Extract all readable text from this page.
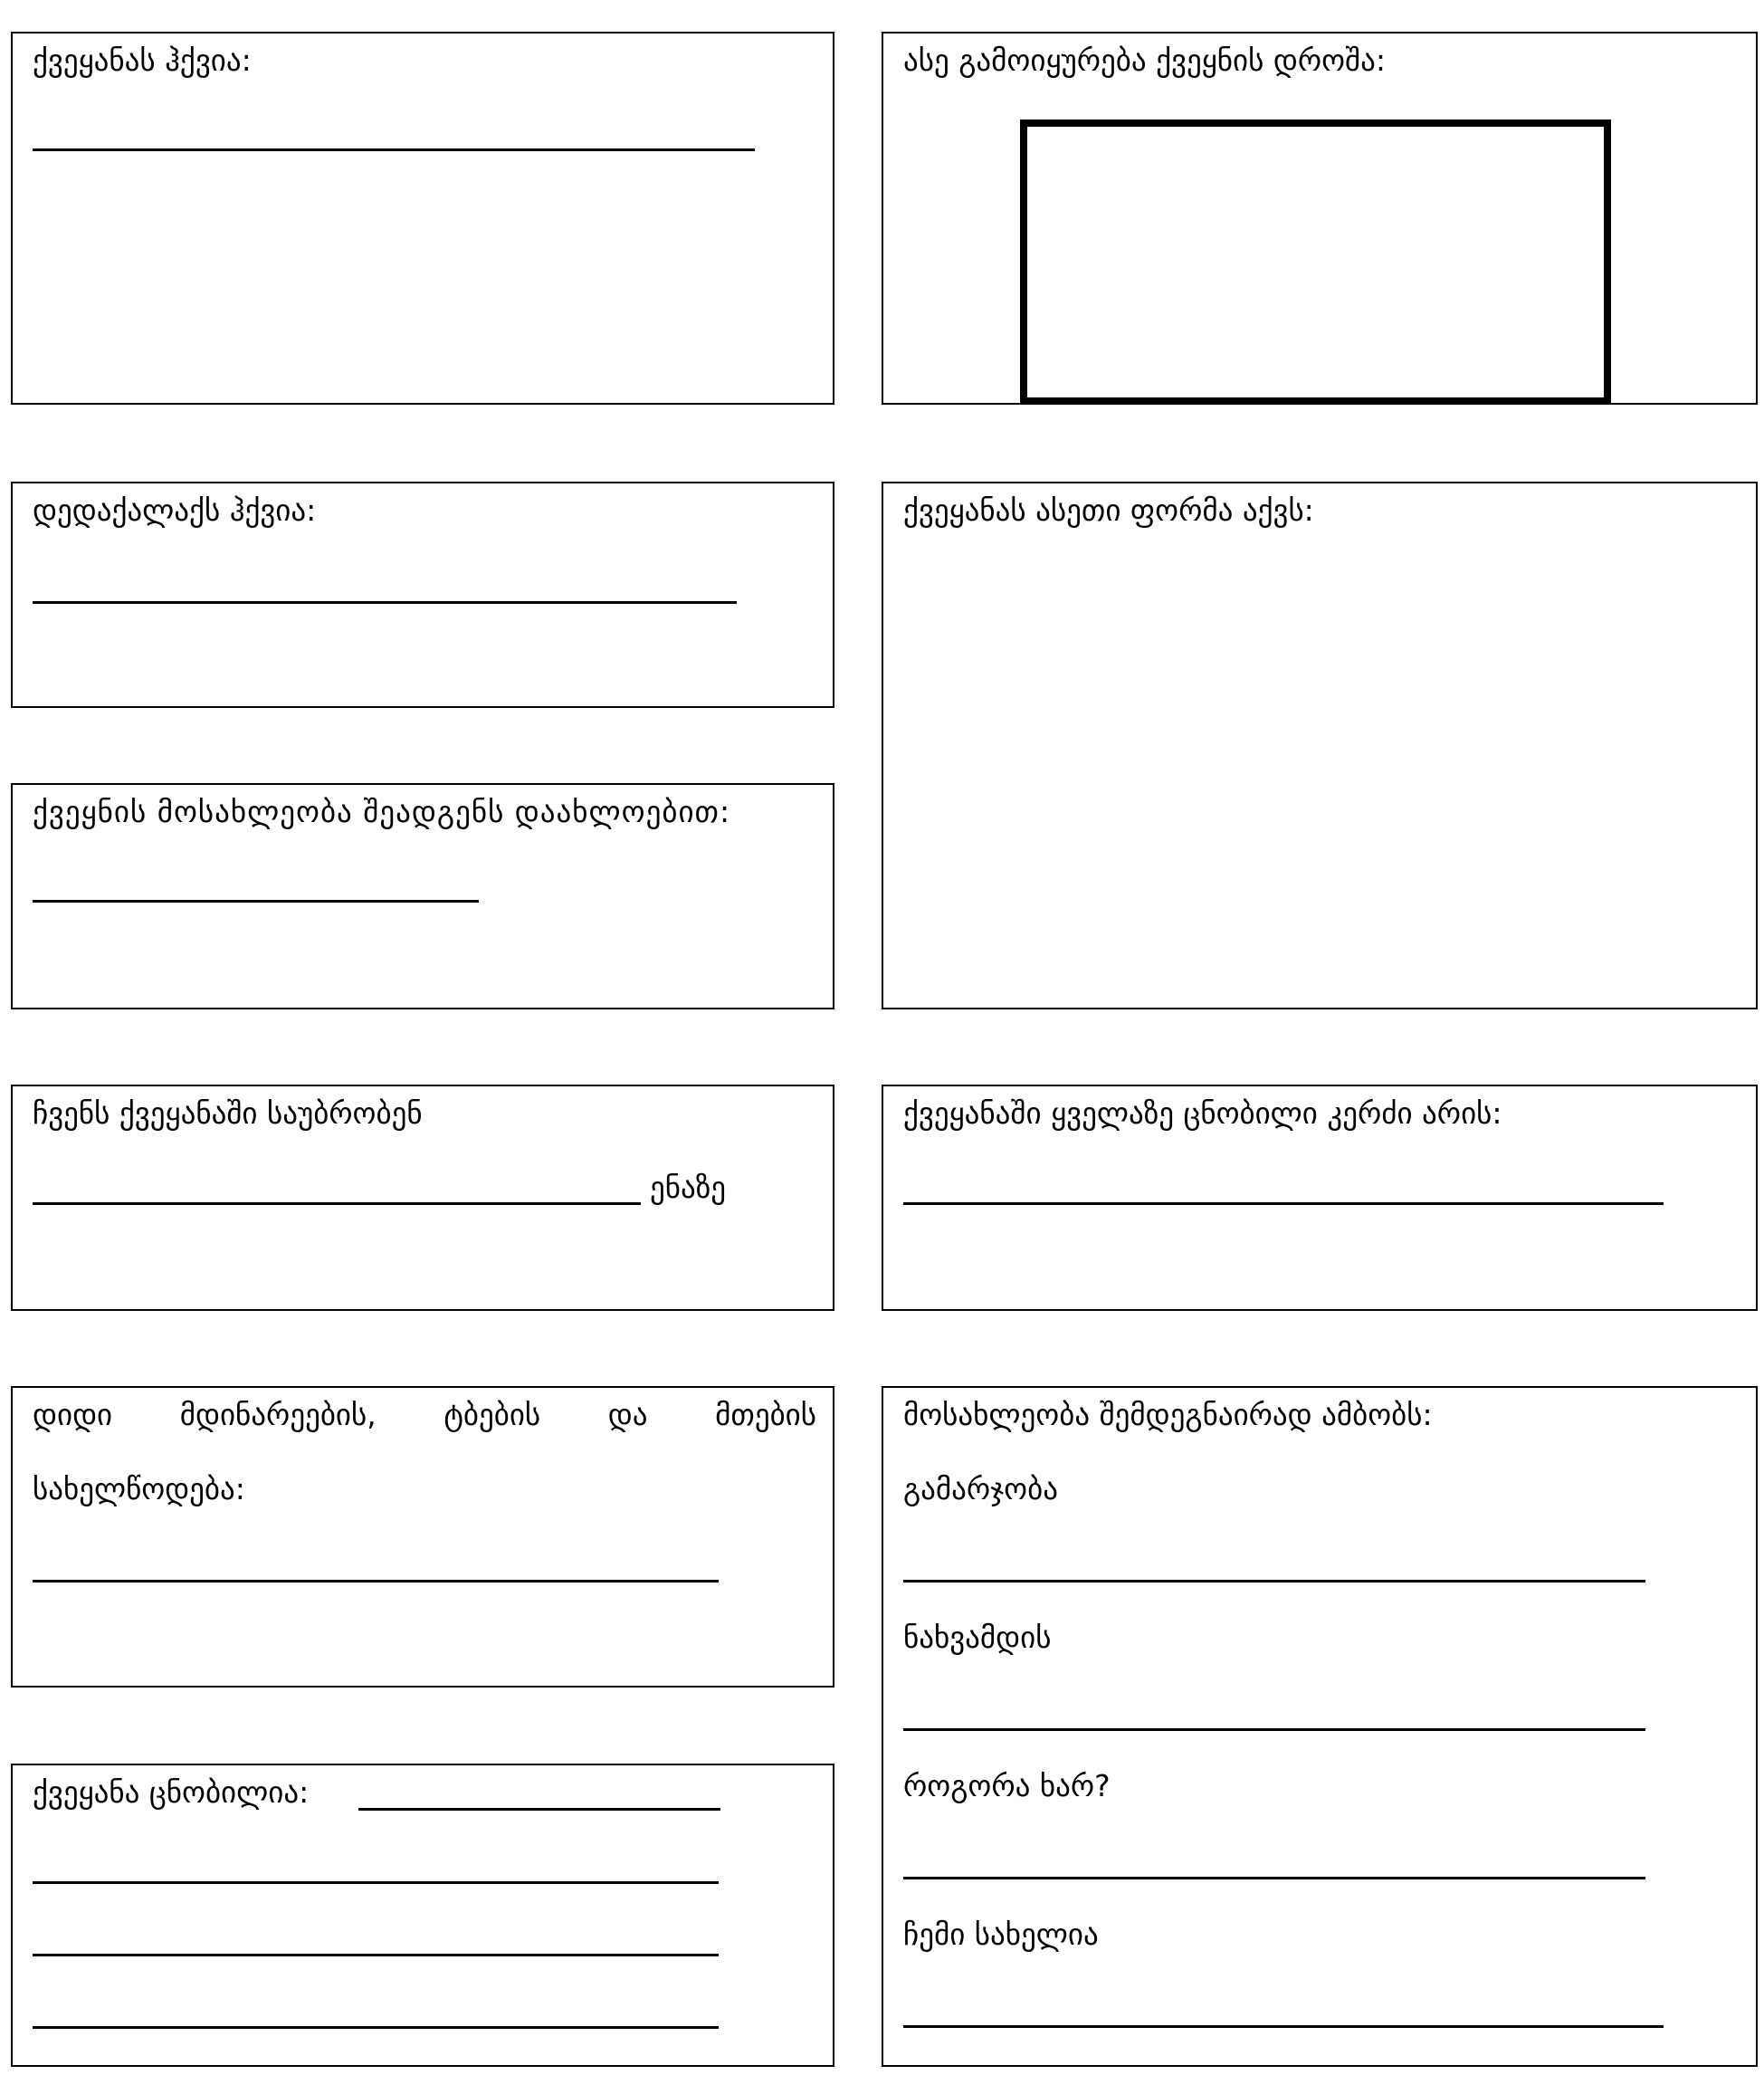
ქვეყანას ჰქვია:	ასე გამოიყურება ქვეყნის დროშა:
დედაქალაქს ჰქვია:	ქვეყანას ასეთი ფორმა აქვს:
ქვეყნის მოსახლეობა შეადგენს დაახლოებით:
ჩვენს ქვეყანაში საუბრობენ
ენაზე
ქვეყანაში ყველაზე ცნობილი კერძი არის:
დიდი მდინარეების, ტბების და მთების
სახელწოდება:
მოსახლეობა შემდეგნაირად ამბობს:
გამარჯობა
ნახვამდის
როგორა ხარ?
ჩემი სახელია
ქვეყანა ცნობილია:
